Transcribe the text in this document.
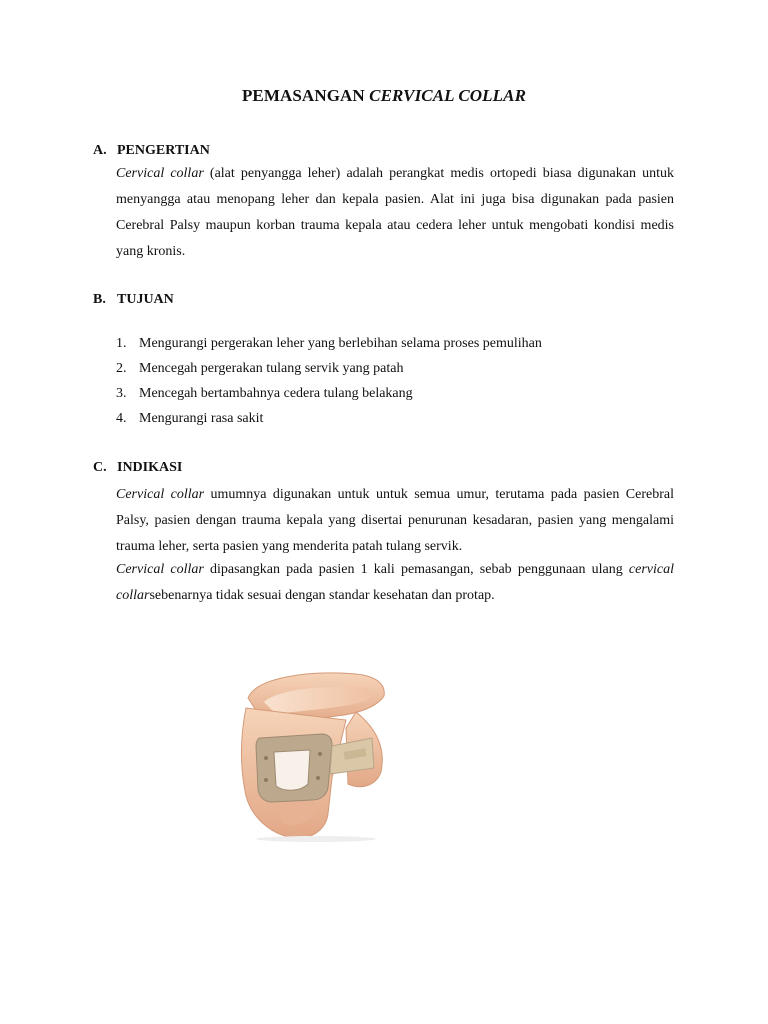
PEMASANGAN CERVICAL COLLAR
A. PENGERTIAN

Cervical collar (alat penyangga leher) adalah perangkat medis ortopedi biasa digunakan untuk menyangga atau menopang leher dan kepala pasien. Alat ini juga bisa digunakan pada pasien Cerebral Palsy maupun korban trauma kepala atau cedera leher untuk mengobati kondisi medis yang kronis.

B. TUJUAN
1. Mengurangi pergerakan leher yang berlebihan selama proses pemulihan
2. Mencegah pergerakan tulang servik yang patah
3. Mencegah bertambahnya cedera tulang belakang
4. Mengurangi rasa sakit
C. INDIKASI

Cervical collar umumnya digunakan untuk untuk semua umur, terutama pada pasien Cerebral Palsy, pasien dengan trauma kepala yang disertai penurunan kesadaran, pasien yang mengalami trauma leher, serta pasien yang menderita patah tulang servik.

Cervical collar dipasangkan pada pasien 1 kali pemasangan, sebab penggunaan ulang cervical collarsebenarnya tidak sesuai dengan standar kesehatan dan protap.
